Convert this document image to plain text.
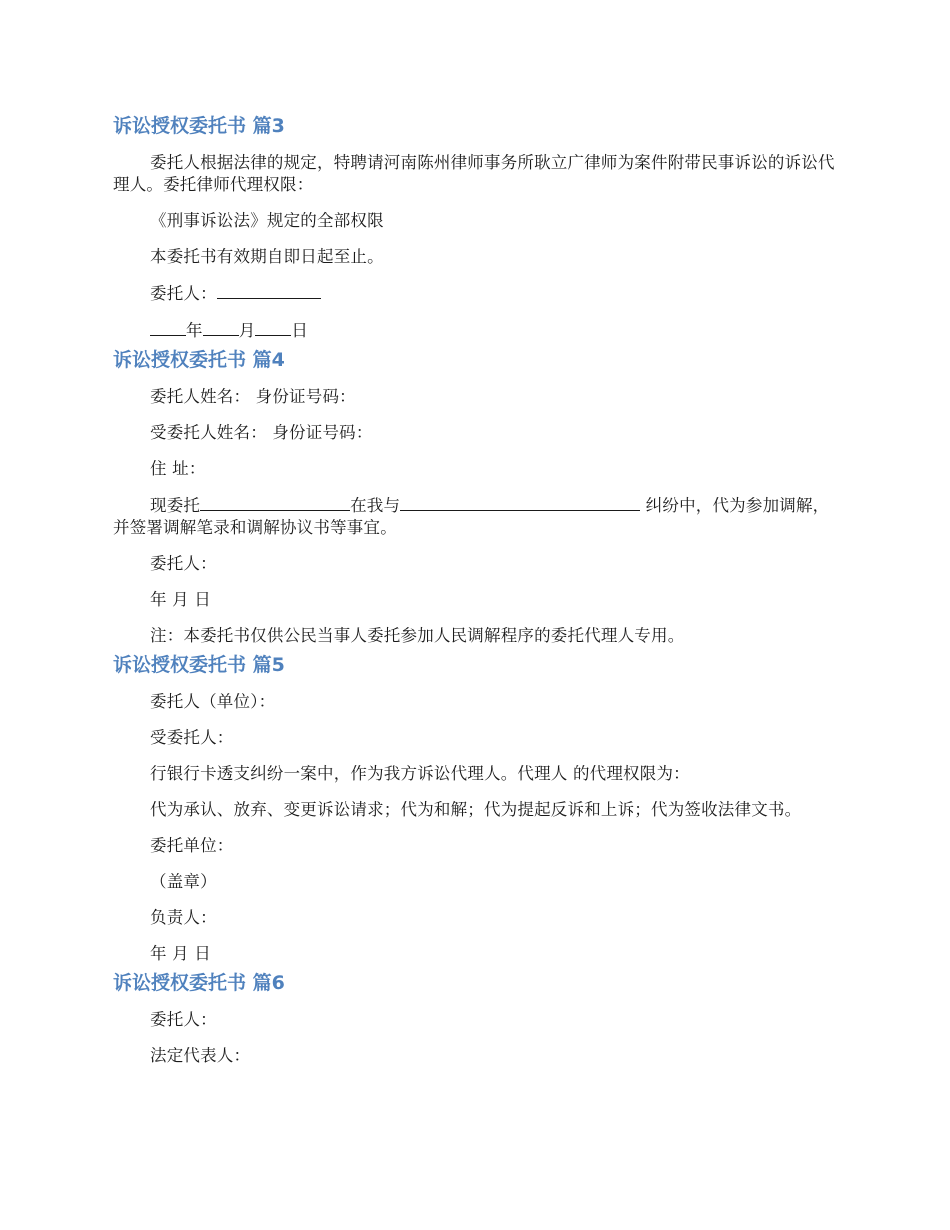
诉讼授权委托书 篇3

委托人根据法律的规定，特聘请河南陈州律师事务所耿立广律师为案件附带民事诉讼的诉讼代理人。委托律师代理权限：

《刑事诉讼法》规定的全部权限

本委托书有效期自即日起至止。

委托人：

年 月 日

诉讼授权委托书 篇4

委托人姓名： 身份证号码：

受委托人姓名： 身份证号码：

住 址：

现委托	在我与	纠纷中，代为参加调解，并签署调解笔录和调解协议书等事宜。

委托人：

年 月 日

注：本委托书仅供公民当事人委托参加人民调解程序的委托代理人专用。

诉讼授权委托书 篇5

委托人（单位）：

受委托人：

行银行卡透支纠纷一案中，作为我方诉讼代理人。代理人 的代理权限为：

代为承认、放弃、变更诉讼请求；代为和解；代为提起反诉和上诉；代为签收法律文书。

委托单位：

（盖章）

负责人：

年 月 日

诉讼授权委托书 篇6

委托人：

法定代表人：
